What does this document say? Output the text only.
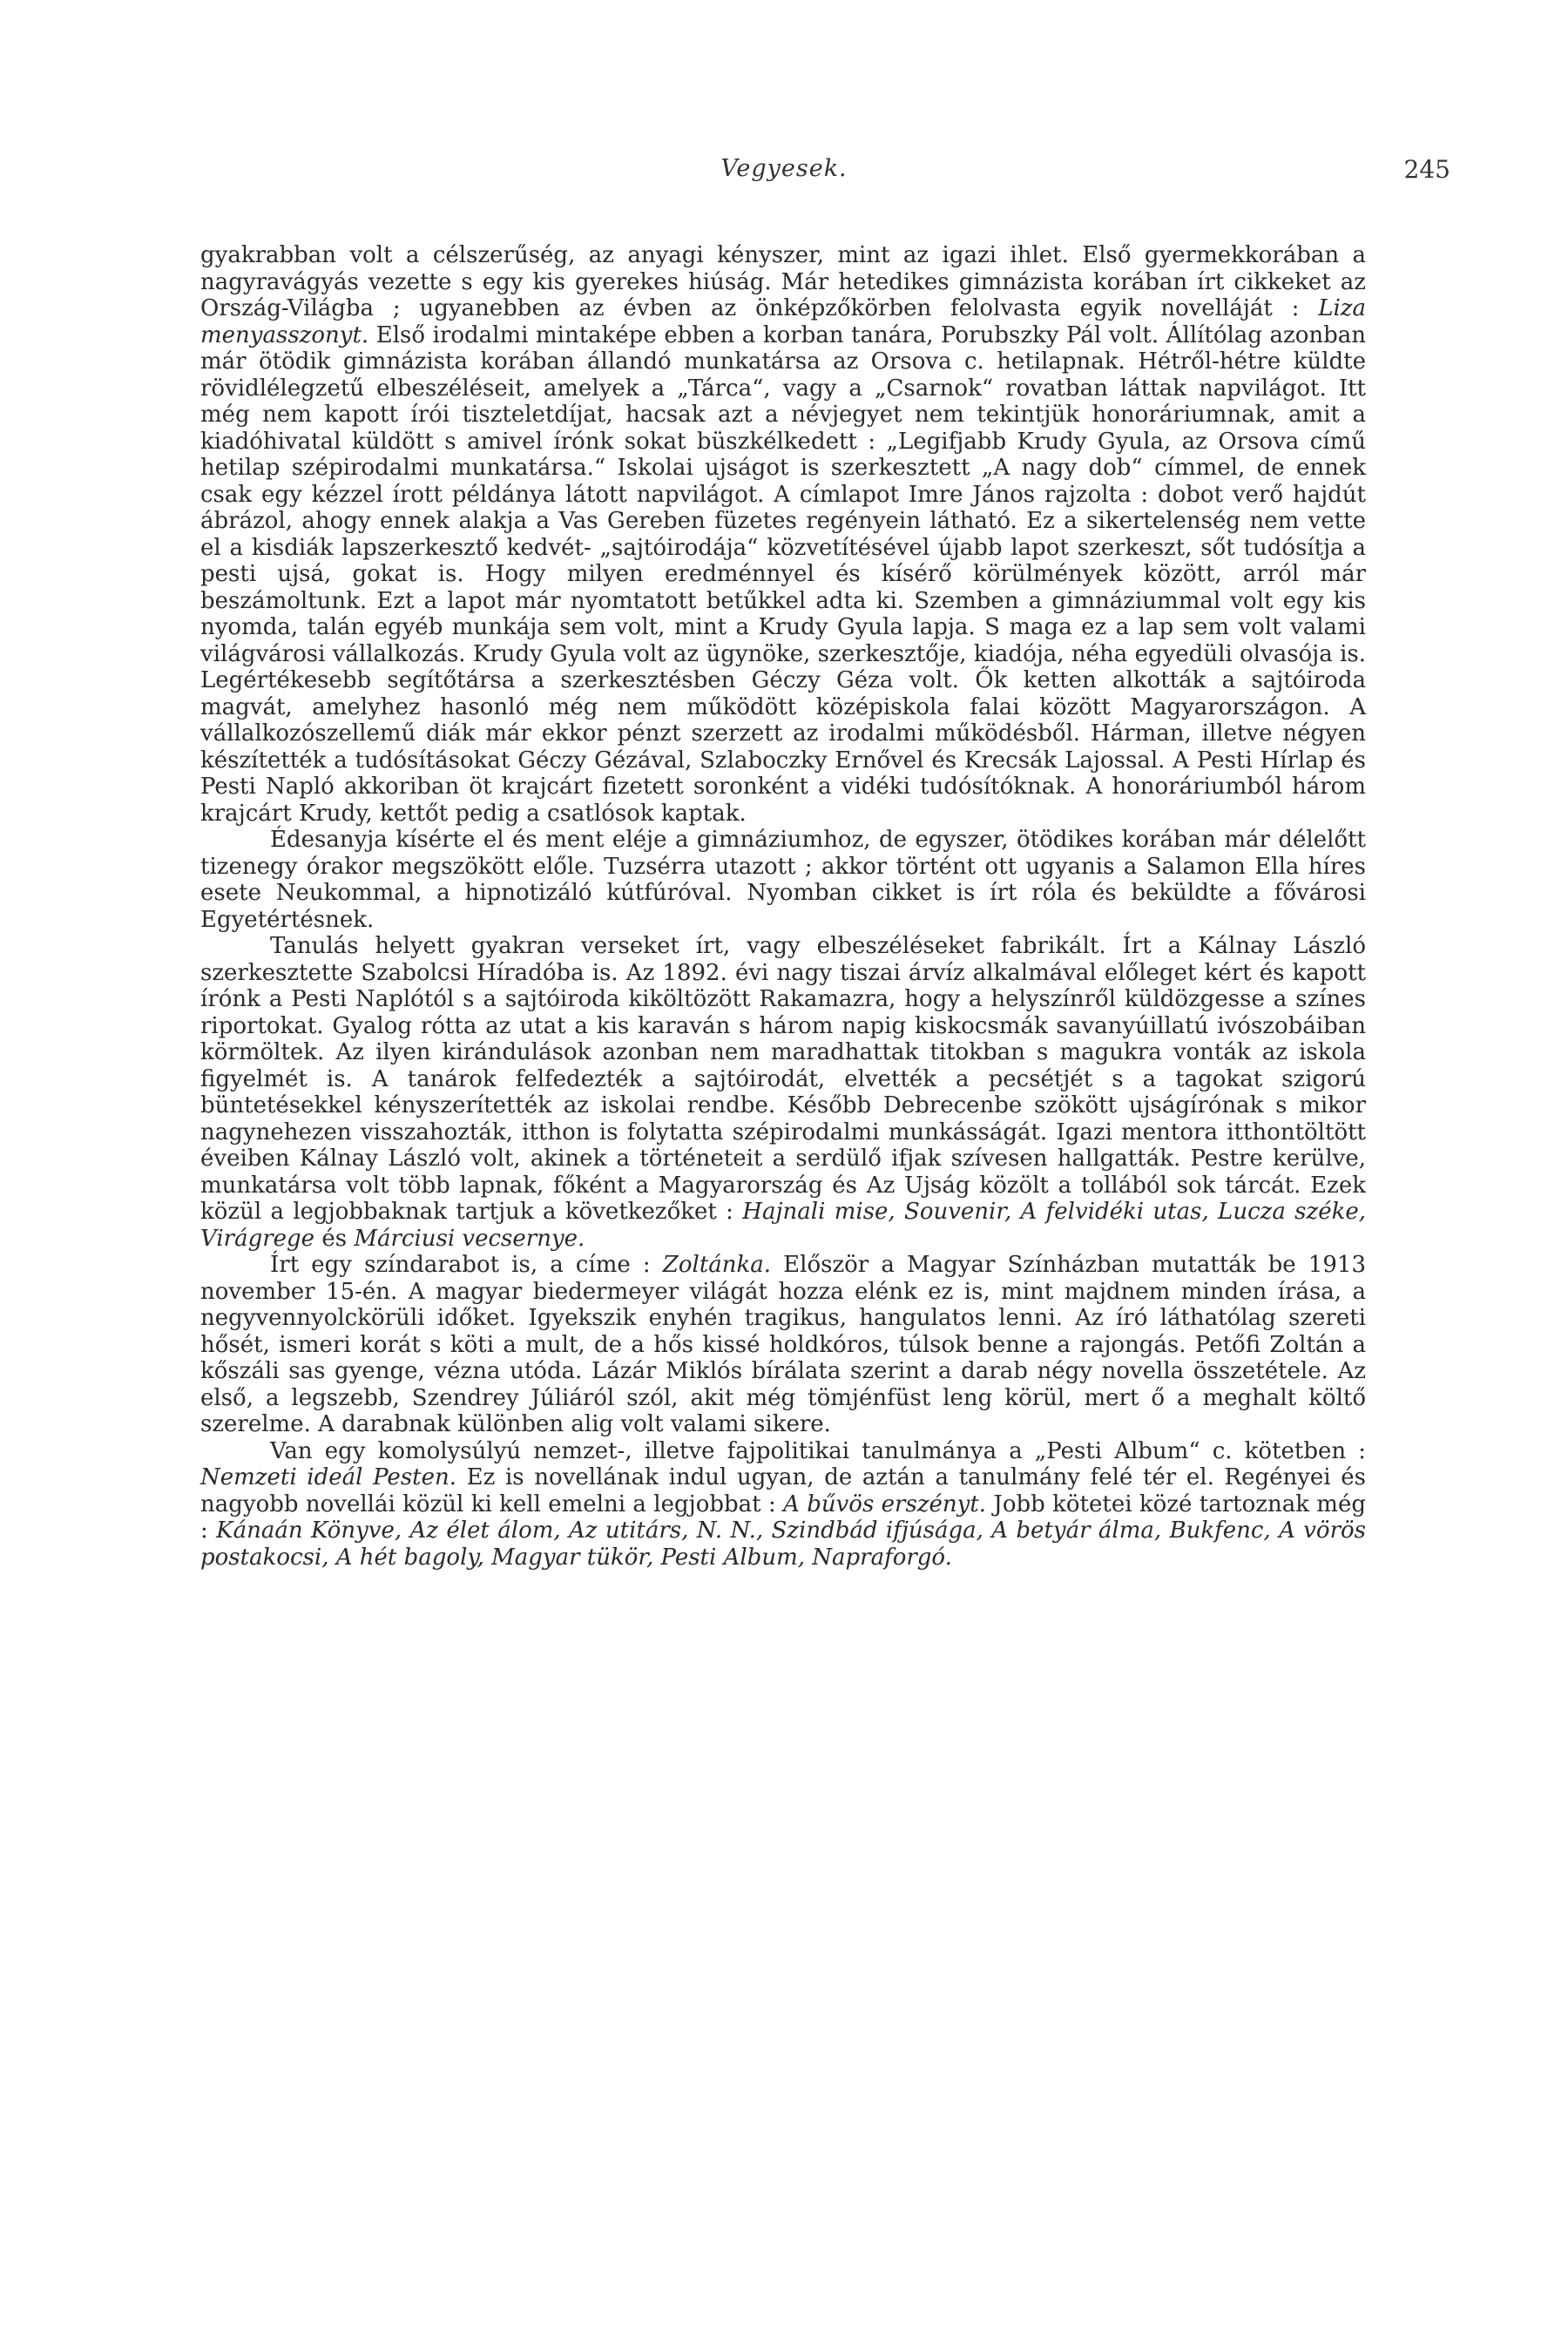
Vegyesek.	245

gyakrabban volt a célszerűség, az anyagi kényszer, mint az igazi ihlet. Első gyermekkorában a nagyravágyás vezette s egy kis gyerekes hiúság. Már hetedikes gimnázista korában írt cikkeket az Ország-Világba ; ugyanebben az évben az önképzőkörben felolvasta egyik novelláját : Liza menyasszonyt. Első irodalmi mintaképe ebben a korban tanára, Porubszky Pál volt. Állítólag azonban már ötödik gimnázista korában állandó munkatársa az Orsova c. hetilapnak. Hétről-hétre küldte rövidlélegzetű elbeszéléseit, amelyek a „Tárca“, vagy a „Csarnok“ rovatban láttak napvilágot. Itt még nem kapott írói tiszteletdíjat, hacsak azt a névjegyet nem tekintjük honoráriumnak, amit a kiadóhivatal küldött s amivel írónk sokat büszkélkedett : „Legifjabb Krudy Gyula, az Orsova című hetilap szépirodalmi munkatársa.“ Iskolai ujságot is szerkesztett „A nagy dob“ címmel, de ennek csak egy kézzel írott példánya látott napvilágot. A címlapot Imre János rajzolta : dobot verő hajdút ábrázol, ahogy ennek alakja a Vas Gereben füzetes regényein látható. Ez a sikertelenség nem vette el a kisdiák lapszerkesztő kedvét- „sajtóirodája“ közvetítésével újabb lapot szerkeszt, sőt tudósítja a pesti ujsá, gokat is. Hogy milyen eredménnyel és kísérő körülmények között, arról már beszámoltunk. Ezt a lapot már nyomtatott betűkkel adta ki. Szemben a gimnáziummal volt egy kis nyomda, talán egyéb munkája sem volt, mint a Krudy Gyula lapja. S maga ez a lap sem volt valami világvárosi vállalkozás. Krudy Gyula volt az ügynöke, szerkesztője, kiadója, néha egyedüli olvasója is. Legértékesebb segítőtársa a szerkesztésben Géczy Géza volt. Ők ketten alkották a sajtóiroda magvát, amelyhez hasonló még nem működött középiskola falai között Magyarországon. A vállalkozószellemű diák már ekkor pénzt szerzett az irodalmi működésből. Hárman, illetve négyen készítették a tudósításokat Géczy Gézával, Szlaboczky Ernővel és Krecsák Lajossal. A Pesti Hírlap és Pesti Napló akkoriban öt krajcárt fizetett soronként a vidéki tudósítóknak. A honoráriumból három krajcárt Krudy, kettőt pedig a csatlósok kaptak.

Édesanyja kísérte el és ment eléje a gimnáziumhoz, de egyszer, ötödikes korában már délelőtt tizenegy órakor megszökött előle. Tuzsérra utazott ; akkor történt ott ugyanis a Salamon Ella híres esete Neukommal, a hipnotizáló kútfúróval. Nyomban cikket is írt róla és beküldte a fővárosi Egyetértésnek.

Tanulás helyett gyakran verseket írt, vagy elbeszéléseket fabrikált. Írt a Kálnay László szerkesztette Szabolcsi Híradóba is. Az 1892. évi nagy tiszai árvíz alkalmával előleget kért és kapott írónk a Pesti Naplótól s a sajtóiroda kiköltözött Rakamazra, hogy a helyszínről küldözgesse a színes riportokat. Gyalog rótta az utat a kis karaván s három napig kiskocsmák savanyúillatú ivószobáiban körmöltek. Az ilyen kirándulások azonban nem maradhattak titokban s magukra vonták az iskola figyelmét is. A tanárok felfedezték a sajtóirodát, elvették a pecsétjét s a tagokat szigorú büntetésekkel kényszerítették az iskolai rendbe. Később Debrecenbe szökött ujságírónak s mikor nagynehezen visszahozták, itthon is folytatta szépirodalmi munkásságát. Igazi mentora itthontöltött éveiben Kálnay László volt, akinek a történeteit a serdülő ifjak szívesen hallgatták. Pestre kerülve, munkatársa volt több lapnak, főként a Magyarország és Az Ujság közölt a tollából sok tárcát. Ezek közül a legjobbaknak tartjuk a következőket : Hajnali mise, Souvenir, A felvidéki utas, Lucza széke, Virágrege és Márciusi vecsernye.

Írt egy színdarabot is, a címe : Zoltánka. Először a Magyar Színházban mutatták be 1913 november 15-én. A magyar biedermeyer világát hozza elénk ez is, mint majdnem minden írása, a negyvennyolckörüli időket. Igyekszik enyhén tragikus, hangulatos lenni. Az író láthatólag szereti hősét, ismeri korát s köti a mult, de a hős kissé holdkóros, túlsok benne a rajongás. Petőfi Zoltán a kőszáli sas gyenge, vézna utóda. Lázár Miklós bírálata szerint a darab négy novella összetétele. Az első, a legszebb, Szendrey Júliáról szól, akit még tömjénfüst leng körül, mert ő a meghalt költő szerelme. A darabnak különben alig volt valami sikere.

Van egy komolysúlyú nemzet-, illetve fajpolitikai tanulmánya a „Pesti Album“ c. kötetben : Nemzeti ideál Pesten. Ez is novellának indul ugyan, de aztán a tanulmány felé tér el. Regényei és nagyobb novellái közül ki kell emelni a legjobbat : A bűvös erszényt. Jobb kötetei közé tartoznak még : Kánaán Könyve, Az élet álom, Az utitárs, N. N., Szindbád ifjúsága, A betyár álma, Bukfenc, A vörös postakocsi, A hét bagoly, Magyar tükör, Pesti Album, Napraforgó.
